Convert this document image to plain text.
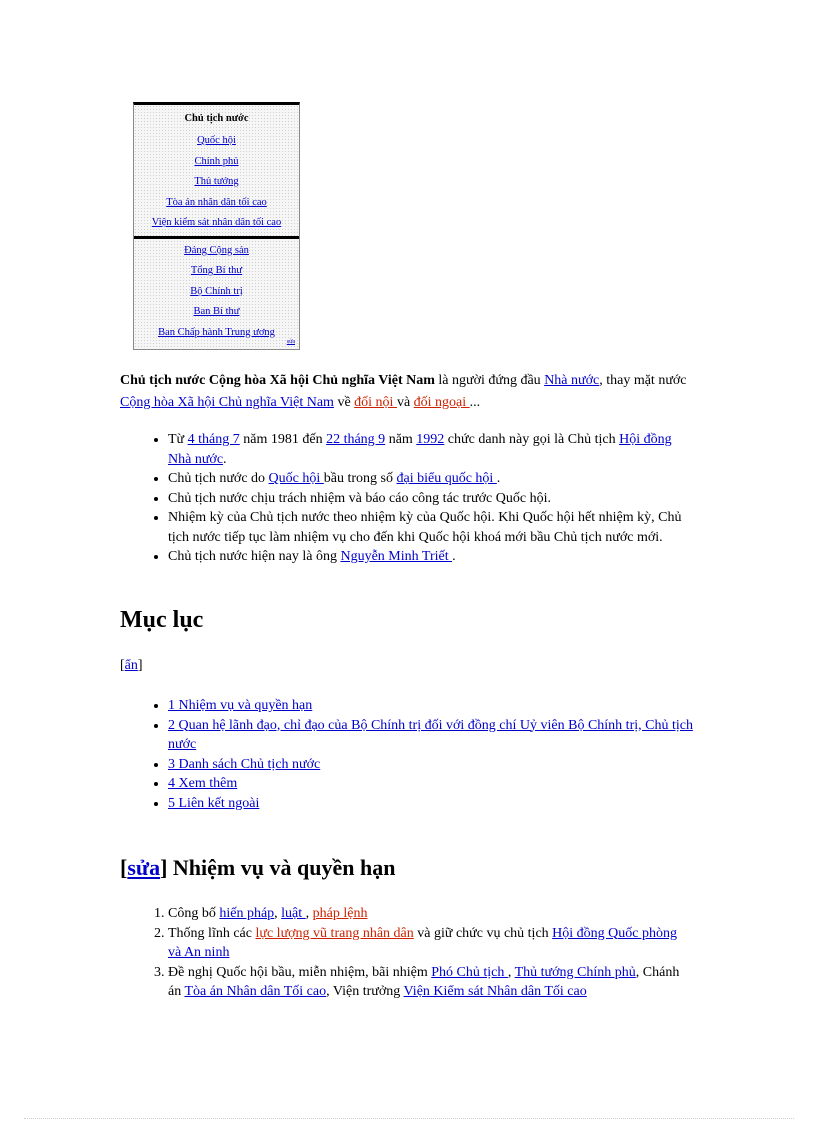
Chủ tịch nước
Quốc hội
Chính phủ
Thủ tướng
Tòa án nhân dân tối cao
Viện kiểm sát nhân dân tối cao
Đảng Cộng sản
Tổng Bí thư
Bộ Chính trị
Ban Bí thư
Ban Chấp hành Trung ương
sửa

Chủ tịch nước Cộng hòa Xã hội Chủ nghĩa Việt Nam là người đứng đầu Nhà nước, thay mặt nước Cộng hòa Xã hội Chủ nghĩa Việt Nam về đối nội và đối ngoại ...

• Từ 4 tháng 7 năm 1981 đến 22 tháng 9 năm 1992 chức danh này gọi là Chủ tịch Hội đồng Nhà nước.
• Chủ tịch nước do Quốc hội bầu trong số đại biểu quốc hội .
• Chủ tịch nước chịu trách nhiệm và báo cáo công tác trước Quốc hội.
• Nhiệm kỳ của Chủ tịch nước theo nhiệm kỳ của Quốc hội. Khi Quốc hội hết nhiệm kỳ, Chủ tịch nước tiếp tục làm nhiệm vụ cho đến khi Quốc hội khoá mới bầu Chủ tịch nước mới.
• Chủ tịch nước hiện nay là ông Nguyễn Minh Triết .
Mục lục
[ẩn]
• 1 Nhiệm vụ và quyền hạn
• 2 Quan hệ lãnh đạo, chỉ đạo của Bộ Chính trị đối với đồng chí Uỷ viên Bộ Chính trị, Chủ tịch nước
• 3 Danh sách Chủ tịch nước
• 4 Xem thêm
• 5 Liên kết ngoài
[sửa] Nhiệm vụ và quyền hạn
1. Công bố hiến pháp, luật , pháp lệnh
2. Thống lĩnh các lực lượng vũ trang nhân dân và giữ chức vụ chủ tịch Hội đồng Quốc phòng và An ninh
3. Đề nghị Quốc hội bầu, miễn nhiệm, bãi nhiệm Phó Chủ tịch , Thủ tướng Chính phủ, Chánh án Tòa án Nhân dân Tối cao, Viện trưởng Viện Kiểm sát Nhân dân Tối cao
